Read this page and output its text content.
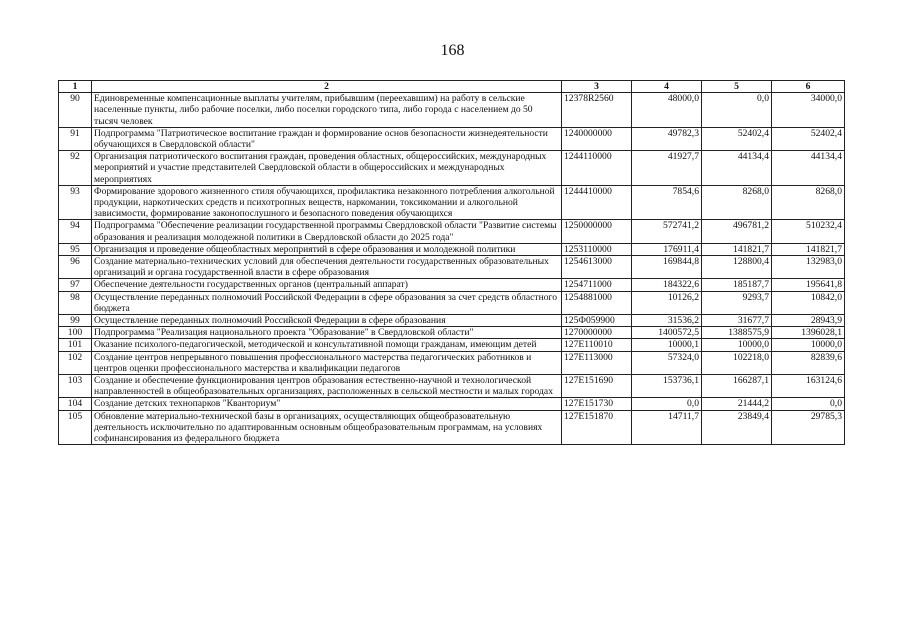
168
1	2	3	4	5	6
90	Единовременные компенсационные выплаты учителям, прибывшим (переехавшим) на работу в сельские населенные пункты, либо рабочие поселки, либо поселки городского типа, либо города с населением до 50 тысяч человек	12378R2560	48000,0	0,0	34000,0
91	Подпрограмма "Патриотическое воспитание граждан и формирование основ безопасности жизнедеятельности обучающихся в Свердловской области"	1240000000	49782,3	52402,4	52402,4
92	Организация патриотического воспитания граждан, проведения областных, общероссийских, международных мероприятий и участие представителей Свердловской области в общероссийских и международных мероприятиях	1244110000	41927,7	44134,4	44134,4
93	Формирование здорового жизненного стиля обучающихся, профилактика незаконного потребления алкогольной продукции, наркотических средств и психотропных веществ, наркомании, токсикомании и алкогольной зависимости, формирование законопослушного и безопасного поведения обучающихся	1244410000	7854,6	8268,0	8268,0
94	Подпрограмма "Обеспечение реализации государственной программы Свердловской области "Развитие системы образования и реализация молодежной политики в Свердловской области до 2025 года"	1250000000	572741,2	496781,2	510232,4
95	Организация и проведение общеобластных мероприятий в сфере образования и молодежной политики	1253110000	176911,4	141821,7	141821,7
96	Создание материально-технических условий для обеспечения деятельности государственных образовательных организаций и органа государственной власти в сфере образования	1254613000	169844,8	128800,4	132983,0
97	Обеспечение деятельности государственных органов (центральный аппарат)	1254711000	184322,6	185187,7	195641,8
98	Осуществление переданных полномочий Российской Федерации в сфере образования за счет средств областного бюджета	1254881000	10126,2	9293,7	10842,0
99	Осуществление переданных полномочий Российской Федерации в сфере образования	125Ф059900	31536,2	31677,7	28943,9
100	Подпрограмма "Реализация национального проекта "Образование" в Свердловской области"	1270000000	1400572,5	1388575,9	1396028,1
101	Оказание психолого-педагогической, методической и консультативной помощи гражданам, имеющим детей	127E110010	10000,1	10000,0	10000,0
102	Создание центров непрерывного повышения профессионального мастерства педагогических работников и центров оценки профессионального мастерства и квалификации педагогов	127E113000	57324,0	102218,0	82839,6
103	Создание и обеспечение функционирования центров образования естественно-научной и технологической направленностей в общеобразовательных организациях, расположенных в сельской местности и малых городах	127E151690	153736,1	166287,1	163124,6
104	Создание детских технопарков "Кванториум"	127E151730	0,0	21444,2	0,0
105	Обновление материально-технической базы в организациях, осуществляющих общеобразовательную деятельность исключительно по адаптированным основным общеобразовательным программам, на условиях софинансирования из федерального бюджета	127E151870	14711,7	23849,4	29785,3
